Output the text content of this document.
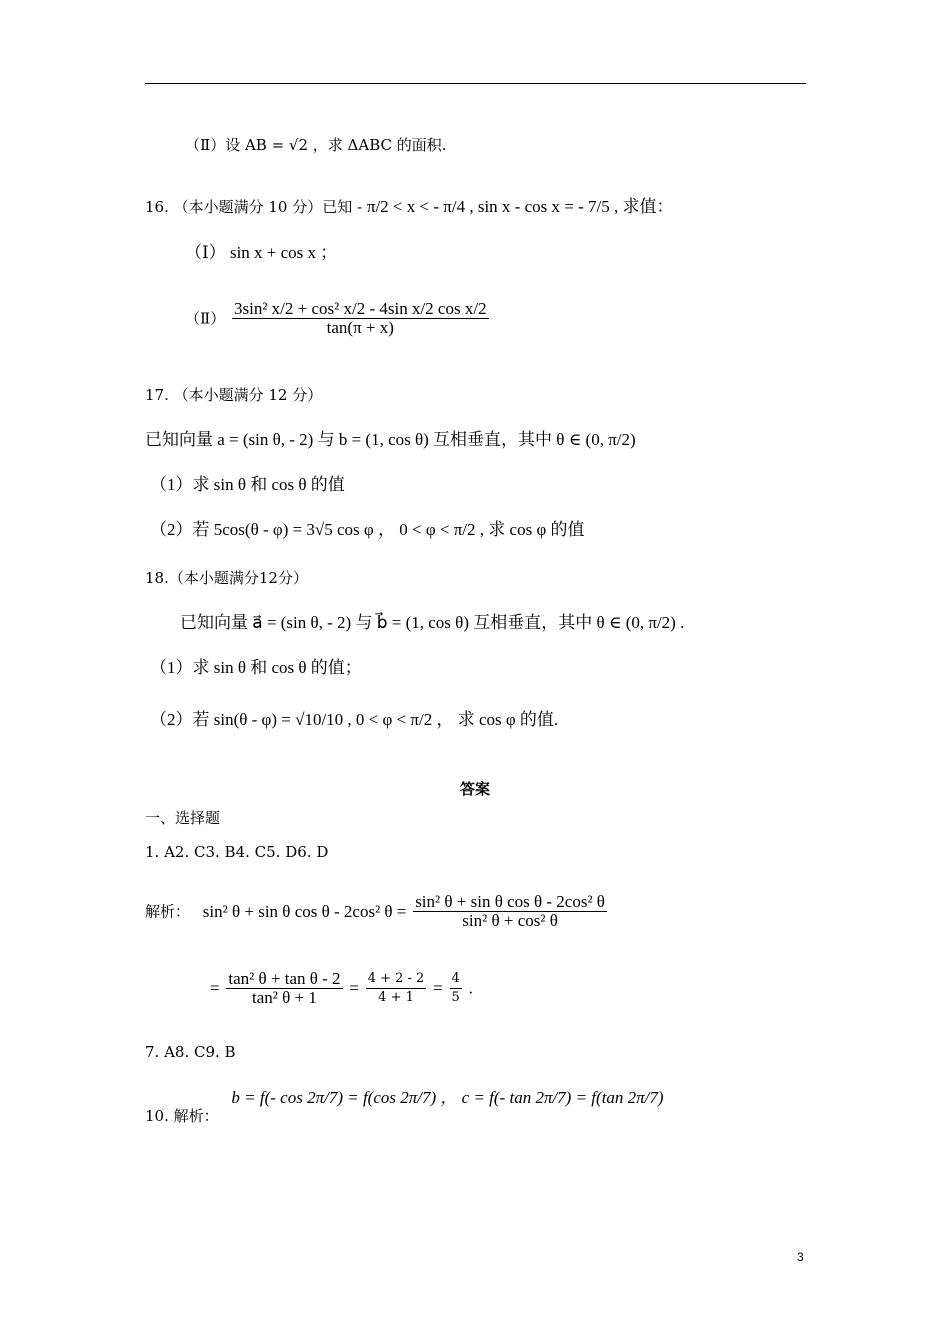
（Ⅱ）设 AB = √2 ，求 ΔABC 的面积.
16. （本小题满分 10 分）已知 - π/2 < x < - π/4 , sin x - cos x = - 7/5 , 求值：
（Ⅰ） sin x + cos x ；
（Ⅱ） $\frac{\text{3sin² x/2 + cos² x/2 - 4sin x/2 cos x/2}}{\tan(\pi + x)}$
17. （本小题满分 12 分）
已知向量 a = (sin θ, - 2) 与 b = (1, cos θ) 互相垂直，其中 θ ∈ (0, π/2)
（1）求 sin θ 和 cos θ 的值
（2）若 5cos(θ - φ) = 3√5 cos φ ， 0 < φ < π/2 , 求 cos φ 的值
18.（本小题满分12分）
已知向量 a⃗ = (sin θ, - 2) 与 b⃗ = (1, cos θ) 互相垂直，其中 θ ∈ (0, π/2) .
（1）求 sin θ 和 cos θ 的值；
（2）若 sin(θ - φ) = √10/10 , 0 < φ < π/2 ， 求 cos φ 的值.
答案
一、选择题
1. A2. C3. B4. C5. D6. D
解析： sin² θ + sin θ cos θ - 2cos² $\theta = \frac{\text{sin² θ + sin θ cos θ - 2cos² θ}}{\text{sin² θ + cos² θ}}$
= $\frac{\text{tan² θ + tan θ - 2}}{\text{tan² θ + 1}} = \frac{4 + 2 - 2}{4 + 1} = \frac{4}{5}$ .
7. A8. C9. B
10. 解析： b = f(- cos 2π/7) = f(cos 2π/7) ， c = f(- tan 2π/7) = f(tan 2π/7)
3
